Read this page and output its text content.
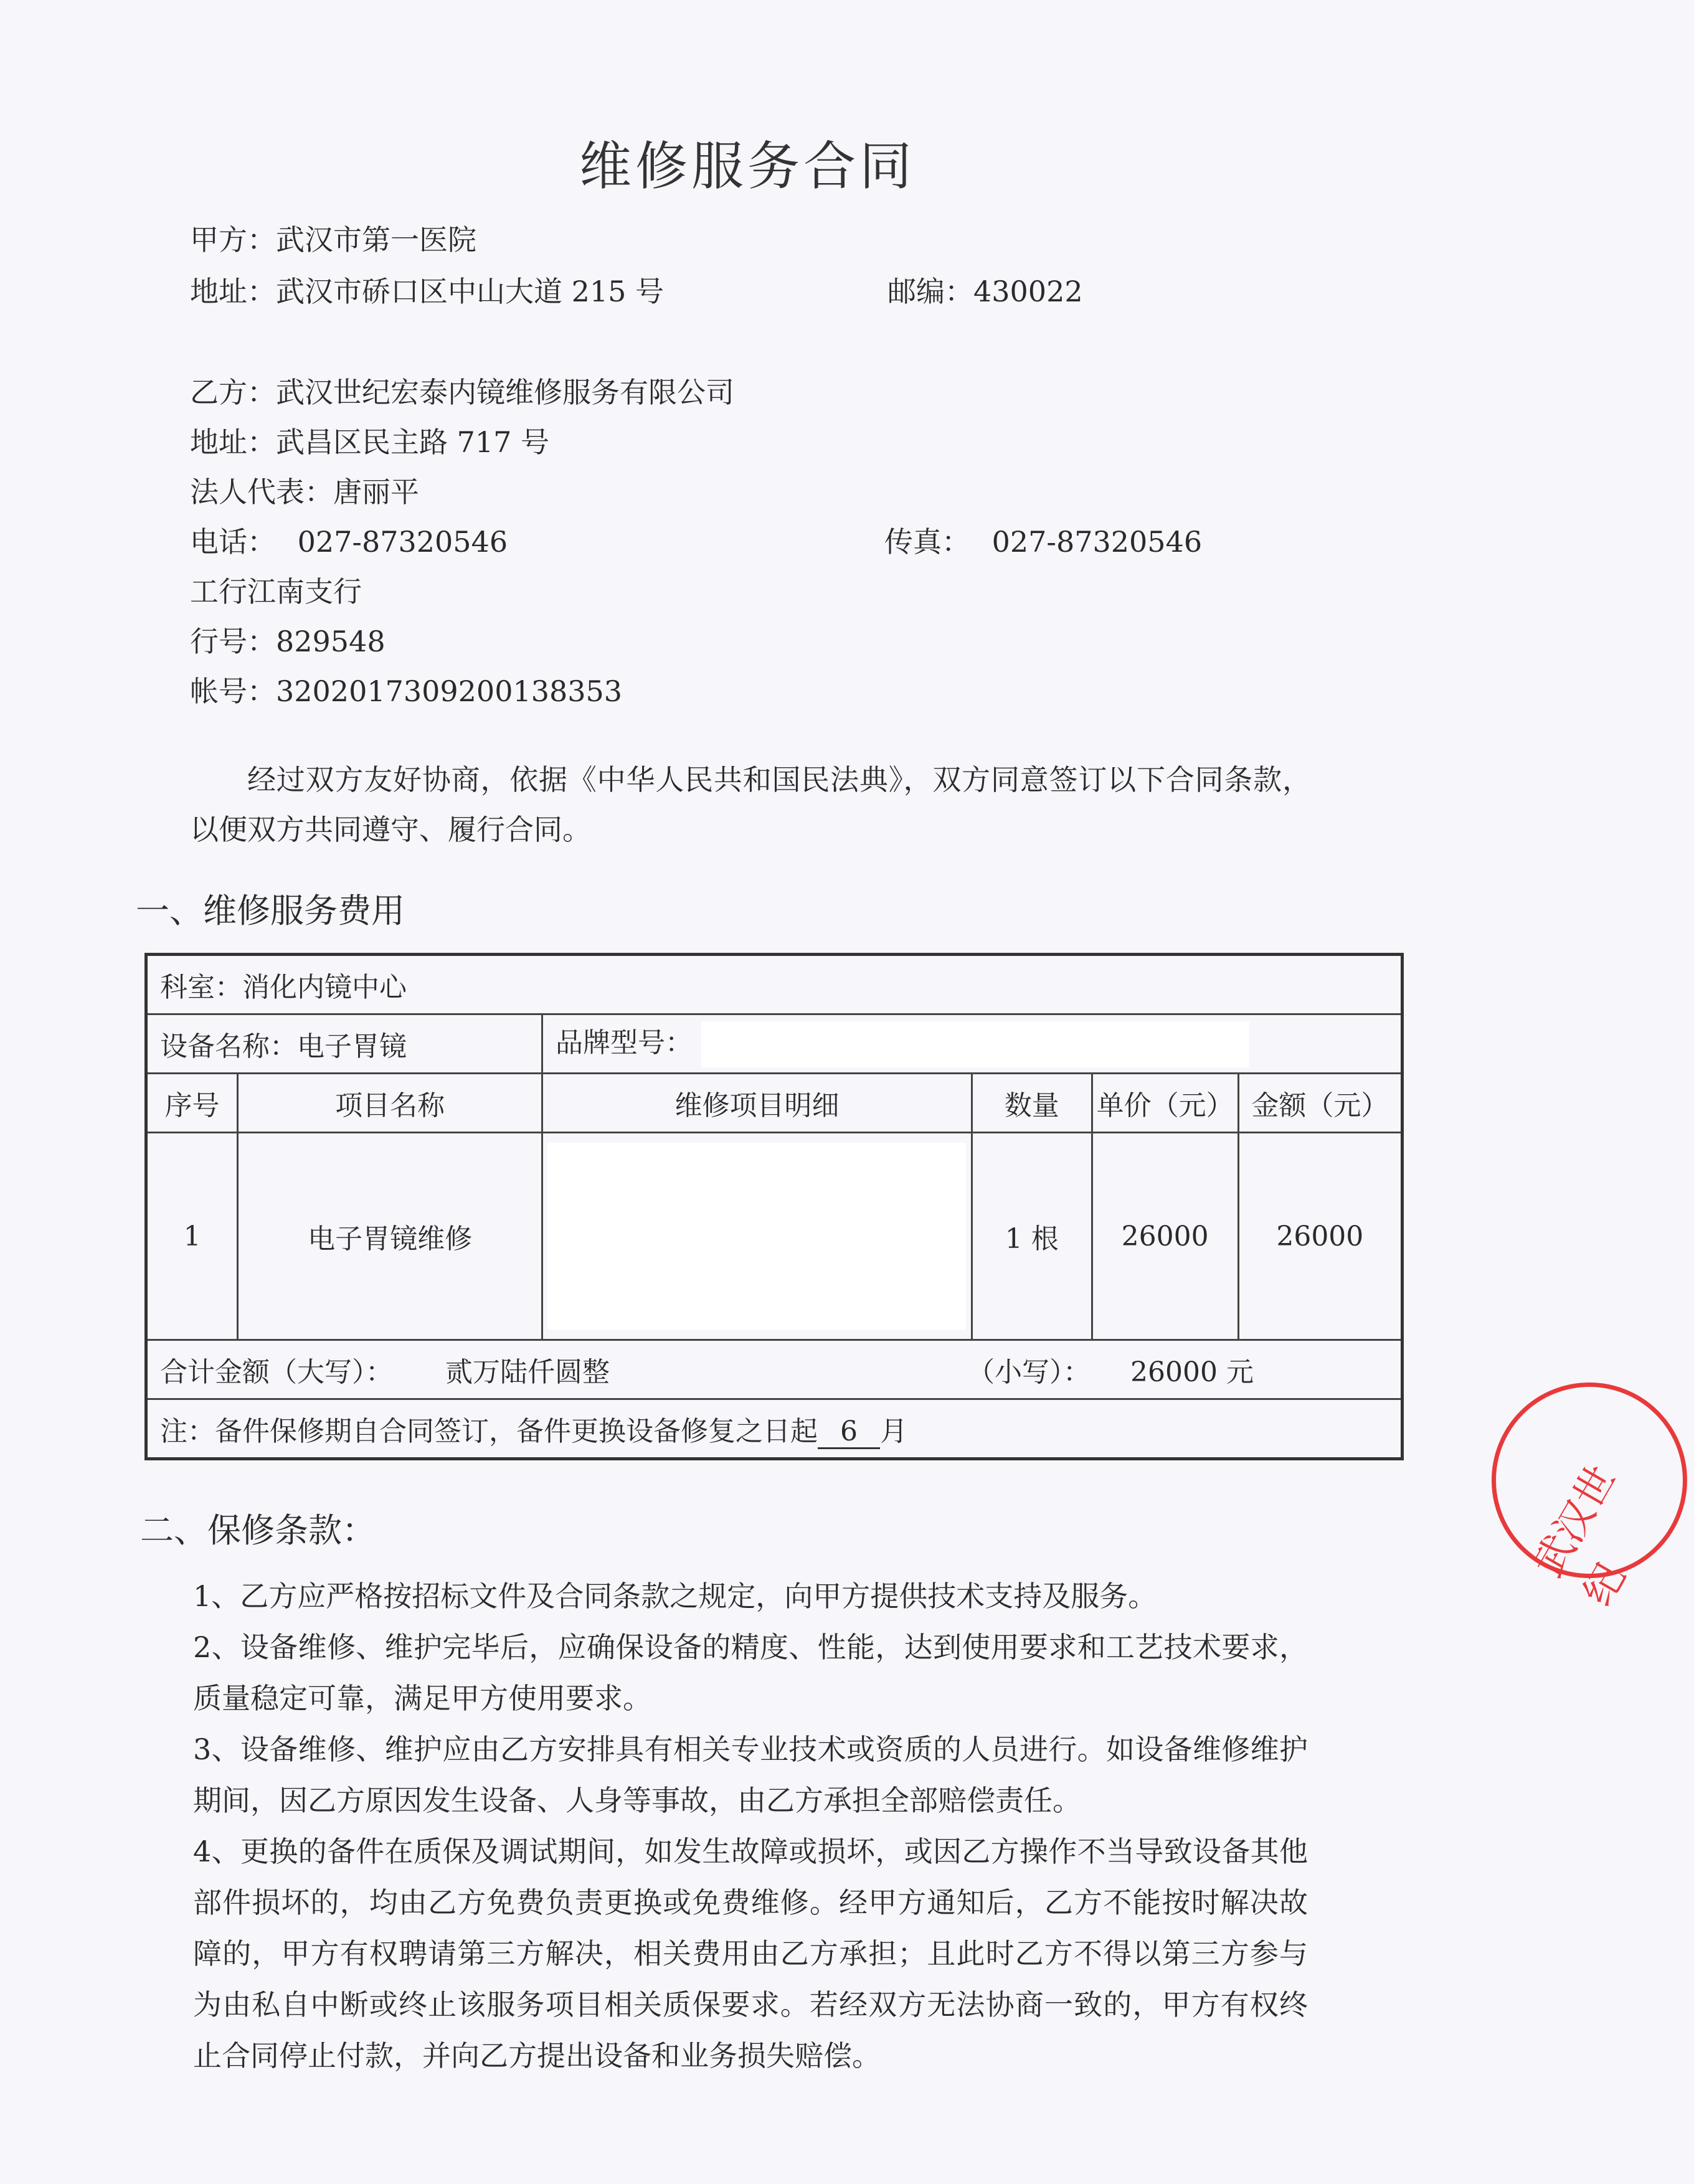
维修服务合同
甲方：武汉市第一医院
地址：武汉市硚口区中山大道 215 号	邮编：430022
乙方：武汉世纪宏泰内镜维修服务有限公司
地址：武昌区民主路 717 号
法人代表：唐丽平
电话： 027-87320546	传真： 027-87320546
工行江南支行
行号：829548
帐号：3202017309200138353
经过双方友好协商，依据《中华人民共和国民法典》，双方同意签订以下合同条款，以便双方共同遵守、履行合同。
一、维修服务费用
科室：消化内镜中心					
设备名称：电子胃镜		品牌型号：			
序号	项目名称	维修项目明细	数量	单价（元）	金额（元）
1	电子胃镜维修		1 根	26000	26000
合计金额（大写）： 贰万陆仟圆整 （小写）： 26000 元					
注：备件保修期自合同签订，备件更换设备修复之日起 6 月					
二、保修条款：
1、乙方应严格按招标文件及合同条款之规定，向甲方提供技术支持及服务。
2、设备维修、维护完毕后，应确保设备的精度、性能，达到使用要求和工艺技术要求，质量稳定可靠，满足甲方使用要求。
3、设备维修、维护应由乙方安排具有相关专业技术或资质的人员进行。如设备维修维护期间，因乙方原因发生设备、人身等事故，由乙方承担全部赔偿责任。
4、更换的备件在质保及调试期间，如发生故障或损坏，或因乙方操作不当导致设备其他部件损坏的，均由乙方免费负责更换或免费维修。经甲方通知后，乙方不能按时解决故障的，甲方有权聘请第三方解决，相关费用由乙方承担；且此时乙方不得以第三方参与为由私自中断或终止该服务项目相关质保要求。若经双方无法协商一致的，甲方有权终止合同停止付款，并向乙方提出设备和业务损失赔偿。
武汉世纪
